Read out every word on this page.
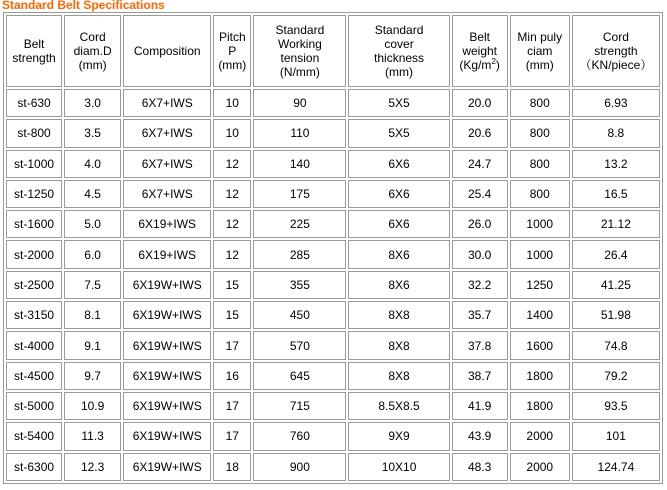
Standard Belt Specifications
Belt
strength	Cord
diam.D
(mm)	Composition	Pitch
P
(mm)	Standard
Working
tension
(N/mm)	Standard
cover
thickness
(mm)	Belt
weight
$(Kg/m^2)$	Min puly
ciam
(mm)	Cord
strength
（KN/piece）
st-630	3.0	6X7+IWS	10	90	5X5	20.0	800	6.93
st-800	3.5	6X7+IWS	10	110	5X5	20.6	800	8.8
st-1000	4.0	6X7+IWS	12	140	6X6	24.7	800	13.2
st-1250	4.5	6X7+IWS	12	175	6X6	25.4	800	16.5
st-1600	5.0	6X19+IWS	12	225	6X6	26.0	1000	21.12
st-2000	6.0	6X19+IWS	12	285	8X6	30.0	1000	26.4
st-2500	7.5	6X19W+IWS	15	355	8X6	32.2	1250	41.25
st-3150	8.1	6X19W+IWS	15	450	8X8	35.7	1400	51.98
st-4000	9.1	6X19W+IWS	17	570	8X8	37.8	1600	74.8
st-4500	9.7	6X19W+IWS	16	645	8X8	38.7	1800	79.2
st-5000	10.9	6X19W+IWS	17	715	8.5X8.5	41.9	1800	93.5
st-5400	11.3	6X19W+IWS	17	760	9X9	43.9	2000	101
st-6300	12.3	6X19W+IWS	18	900	10X10	48.3	2000	124.74
